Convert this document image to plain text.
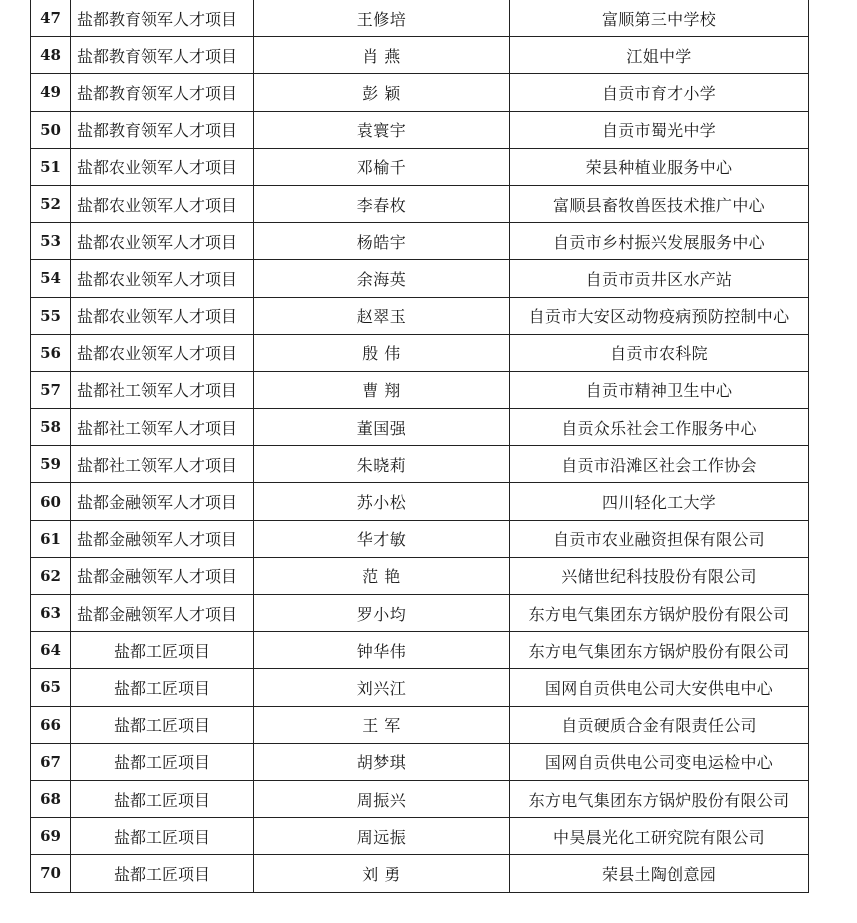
47	盐都教育领军人才项目	王修培	富顺第三中学校
48	盐都教育领军人才项目	肖 燕	江姐中学
49	盐都教育领军人才项目	彭 颖	自贡市育才小学
50	盐都教育领军人才项目	袁寰宇	自贡市蜀光中学
51	盐都农业领军人才项目	邓榆千	荣县种植业服务中心
52	盐都农业领军人才项目	李春枚	富顺县畜牧兽医技术推广中心
53	盐都农业领军人才项目	杨皓宇	自贡市乡村振兴发展服务中心
54	盐都农业领军人才项目	余海英	自贡市贡井区水产站
55	盐都农业领军人才项目	赵翠玉	自贡市大安区动物疫病预防控制中心
56	盐都农业领军人才项目	殷 伟	自贡市农科院
57	盐都社工领军人才项目	曹 翔	自贡市精神卫生中心
58	盐都社工领军人才项目	董国强	自贡众乐社会工作服务中心
59	盐都社工领军人才项目	朱晓莉	自贡市沿滩区社会工作协会
60	盐都金融领军人才项目	苏小松	四川轻化工大学
61	盐都金融领军人才项目	华才敏	自贡市农业融资担保有限公司
62	盐都金融领军人才项目	范 艳	兴储世纪科技股份有限公司
63	盐都金融领军人才项目	罗小均	东方电气集团东方锅炉股份有限公司
64	盐都工匠项目	钟华伟	东方电气集团东方锅炉股份有限公司
65	盐都工匠项目	刘兴江	国网自贡供电公司大安供电中心
66	盐都工匠项目	王 军	自贡硬质合金有限责任公司
67	盐都工匠项目	胡梦琪	国网自贡供电公司变电运检中心
68	盐都工匠项目	周振兴	东方电气集团东方锅炉股份有限公司
69	盐都工匠项目	周远振	中昊晨光化工研究院有限公司
70	盐都工匠项目	刘 勇	荣县土陶创意园
